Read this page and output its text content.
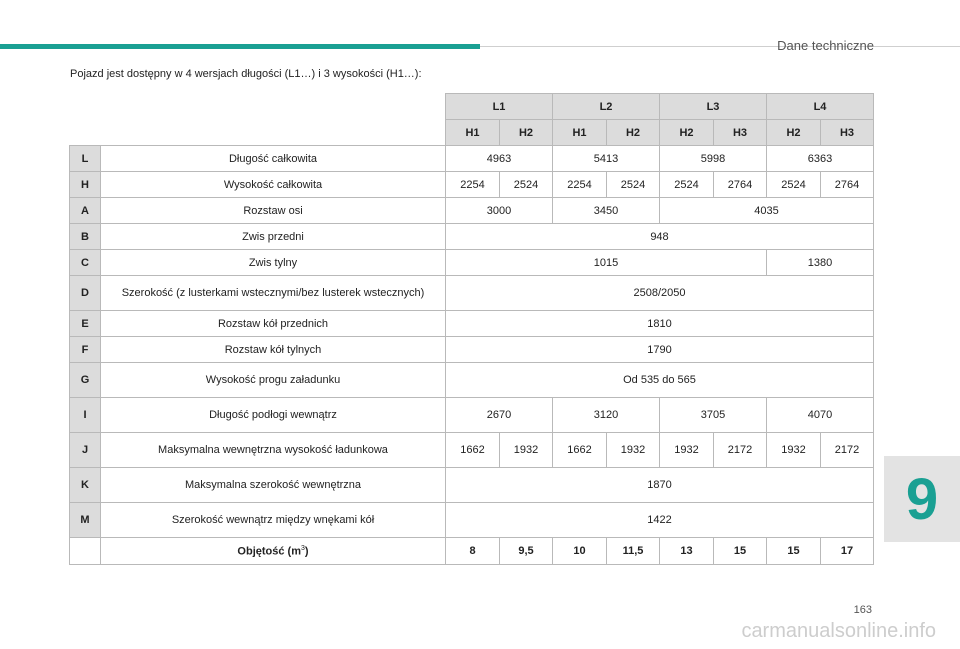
Dane techniczne
Pojazd jest dostępny w 4 wersjach długości (L1…) i 3 wysokości (H1…):
		L1		L2		L3		L4	
		H1	H2	H1	H2	H2	H3	H2	H3
L	Długość całkowita	4963		5413		5998		6363	
H	Wysokość całkowita	2254	2524	2254	2524	2524	2764	2524	2764
A	Rozstaw osi	3000		3450		4035			
B	Zwis przedni	948							
C	Zwis tylny	1015						1380	
D	Szerokość (z lusterkami wstecznymi/bez lusterek wstecznych)	2508/2050							
E	Rozstaw kół przednich	1810							
F	Rozstaw kół tylnych	1790							
G	Wysokość progu załadunku	Od 535 do 565							
I	Długość podłogi wewnątrz	2670		3120		3705		4070	
J	Maksymalna wewnętrzna wysokość ładunkowa	1662	1932	1662	1932	1932	2172	1932	2172
K	Maksymalna szerokość wewnętrzna	1870							
M	Szerokość wewnątrz między wnękami kół	1422							
	Objętość $(m^3)$	8	9,5	10	11,5	13	15	15	17
9
163
carmanualsonline.info
